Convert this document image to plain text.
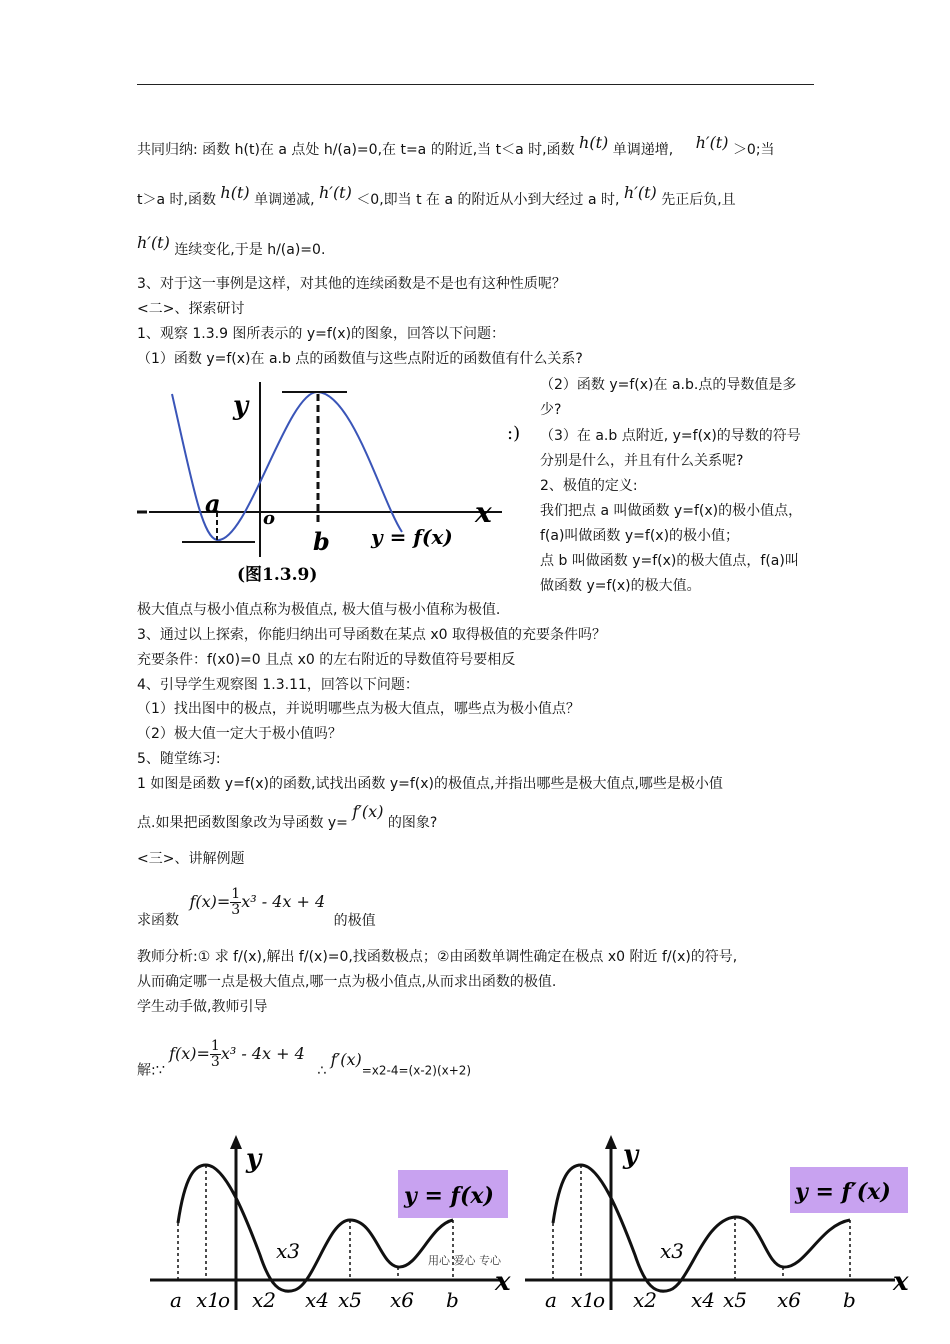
共同归纳: 函数 h(t)在 a 点处 h/(a)=0,在 t=a 的附近,当 t＜a 时,函数 h(t) 单调递增, h′(t) ＞0;当
t＞a 时,函数 h(t) 单调递减, h′(t) ＜0,即当 t 在 a 的附近从小到大经过 a 时, h′(t) 先正后负,且
h′(t) 连续变化,于是 h/(a)=0.
3、对于这一事例是这样，对其他的连续函数是不是也有这种性质呢？
<二>、探索研讨
1、观察 1.3.9 图所表示的 y=f(x)的图象，回答以下问题：
（1）函数 y=f(x)在 a.b 点的函数值与这些点附近的函数值有什么关系?
y
a
o
b
x
y = f(x)
(图1.3.9)
:)
（2）函数 y=f(x)在 a.b.点的导数值是多
少?
（3）在 a.b 点附近, y=f(x)的导数的符号
分别是什么，并且有什么关系呢?
2、极值的定义:
我们把点 a 叫做函数 y=f(x)的极小值点，
f(a)叫做函数 y=f(x)的极小值；
点 b 叫做函数 y=f(x)的极大值点，f(a)叫
做函数 y=f(x)的极大值。
极大值点与极小值点称为极值点, 极大值与极小值称为极值.
3、通过以上探索，你能归纳出可导函数在某点 x0 取得极值的充要条件吗？
充要条件：f(x0)=0 且点 x0 的左右附近的导数值符号要相反
4、引导学生观察图 1.3.11，回答以下问题：
（1）找出图中的极点，并说明哪些点为极大值点，哪些点为极小值点？
（2）极大值一定大于极小值吗？
5、随堂练习:
1 如图是函数 y=f(x)的函数,试找出函数 y=f(x)的极值点,并指出哪些是极大值点,哪些是极小值
点.如果把函数图象改为导函数 y= f′(x) 的图象?
<三>、讲解例题
求函数 $f(x)= \frac{1}{3} x^3 - 4x + 4$ 的极值
教师分析:① 求 f/(x),解出 f/(x)=0,找函数极点；②由函数单调性确定在极点 x0 附近 f/(x)的符号,
从而确定哪一点是极大值点,哪一点为极小值点,从而求出函数的极值.
学生动手做,教师引导
解:∵ $f(x)= \frac{1}{3} x^3 - 4x + 4$ ∴ f′(x)=x2-4=(x-2)(x+2)
y
x
y = f(x)
a x1
o x2
x3
x4 x5 x6 b
y
x
y = f′(x)
a x1
o x2
x3
x4 x5 x6 b
用心 爱心 专心
